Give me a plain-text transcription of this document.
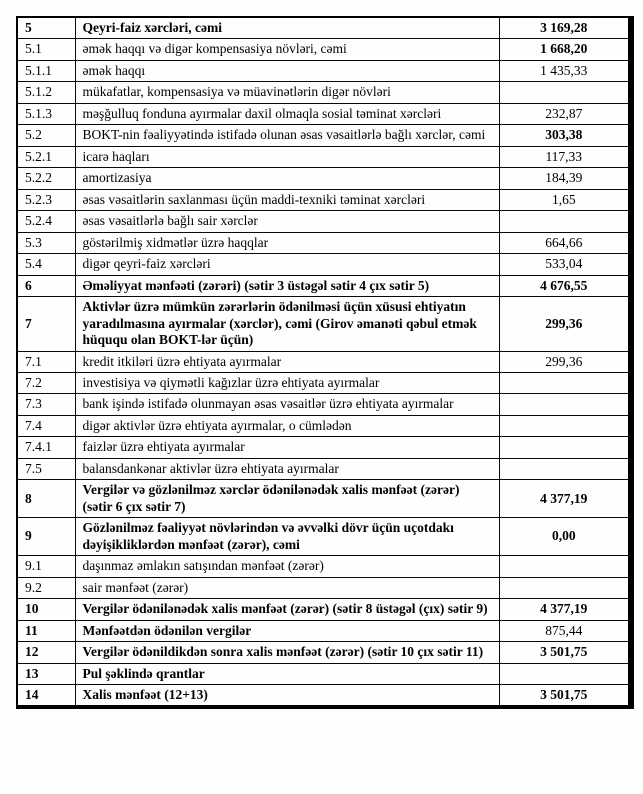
5	Qeyri-faiz xərcləri, cəmi	3 169,28
5.1	əmək haqqı və digər kompensasiya növləri, cəmi	1 668,20
5.1.1	əmək haqqı	1 435,33
5.1.2	mükafatlar, kompensasiya və müavinətlərin digər növləri	
5.1.3	məşğulluq fonduna ayırmalar daxil olmaqla sosial təminat xərcləri	232,87
5.2	BOKT-nin fəaliyyətində istifadə olunan əsas vəsaitlərlə bağlı xərclər, cəmi	303,38
5.2.1	icarə haqları	117,33
5.2.2	amortizasiya	184,39
5.2.3	əsas vəsaitlərin saxlanması üçün maddi-texniki təminat xərcləri	1,65
5.2.4	əsas vəsaitlərlə bağlı sair xərclər	
5.3	göstərilmiş xidmətlər üzrə haqqlar	664,66
5.4	digər qeyri-faiz xərcləri	533,04
6	Əməliyyat mənfəəti (zərəri) (sətir 3 üstəgəl sətir 4 çıx sətir 5)	4 676,55
7	Aktivlər üzrə mümkün zərərlərin ödənilməsi üçün xüsusi ehtiyatın yaradılmasına ayırmalar (xərclər), cəmi (Girov əmanəti qəbul etmək hüququ olan BOKT-lər üçün)	299,36
7.1	kredit itkiləri üzrə ehtiyata ayırmalar	299,36
7.2	investisiya və qiymətli kağızlar üzrə ehtiyata ayırmalar	
7.3	bank işində istifadə olunmayan əsas vəsaitlər üzrə ehtiyata ayırmalar	
7.4	digər aktivlər üzrə ehtiyata ayırmalar, o cümlədən	
7.4.1	faizlər üzrə ehtiyata ayırmalar	
7.5	balansdankənar aktivlər üzrə ehtiyata ayırmalar	
8	Vergilər və gözlənilməz xərclər ödənilənədək xalis mənfəət (zərər) (sətir 6 çıx sətir 7)	4 377,19
9	Gözlənilməz fəaliyyət növlərindən və əvvəlki dövr üçün uçotdakı dəyişikliklərdən mənfəət (zərər), cəmi	0,00
9.1	daşınmaz əmlakın satışından mənfəət (zərər)	
9.2	sair mənfəət (zərər)	
10	Vergilər ödənilənədək xalis mənfəət (zərər) (sətir 8 üstəgəl (çıx) sətir 9)	4 377,19
11	Mənfəətdən ödənilən vergilər	875,44
12	Vergilər ödənildikdən sonra xalis mənfəət (zərər) (sətir 10 çıx sətir 11)	3 501,75
13	Pul şəklində qrantlar	
14	Xalis mənfəət (12+13)	3 501,75
